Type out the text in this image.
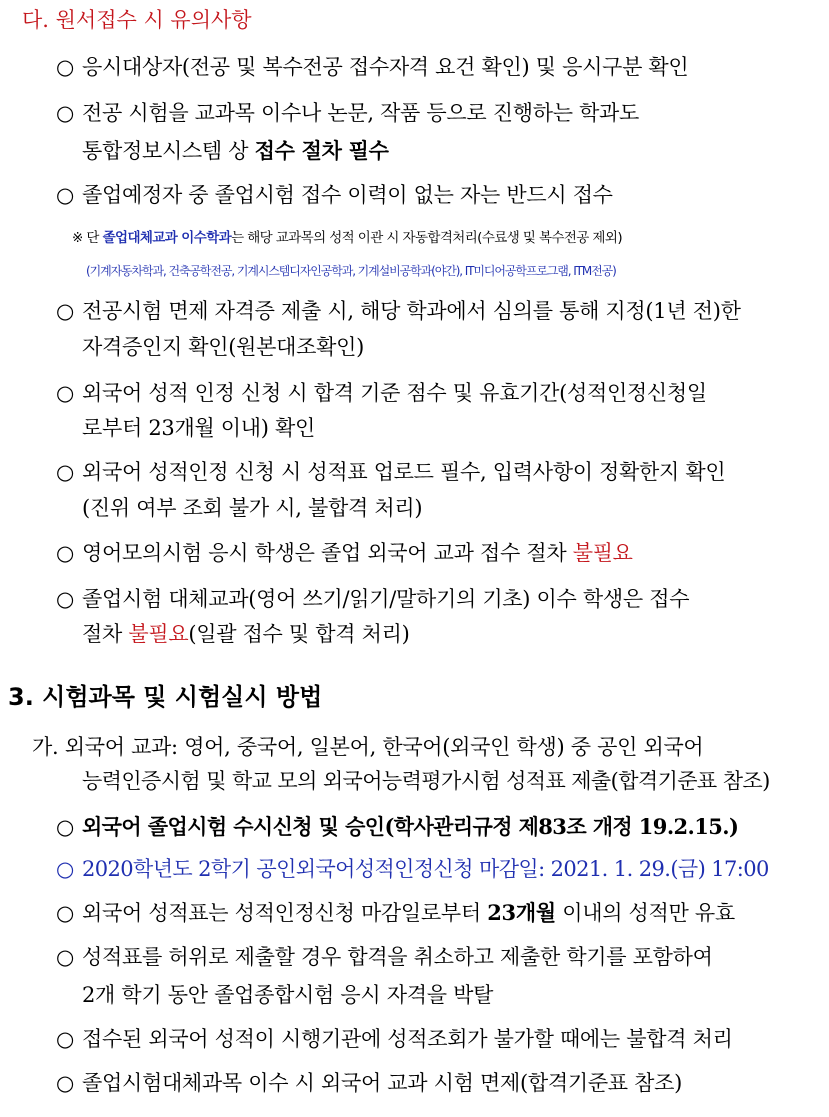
다. 원서접수 시 유의사항
○ 응시대상자(전공 및 복수전공 접수자격 요건 확인) 및 응시구분 확인
○ 전공 시험을 교과목 이수나 논문, 작품 등으로 진행하는 학과도
통합정보시스템 상 접수 절차 필수
○ 졸업예정자 중 졸업시험 접수 이력이 없는 자는 반드시 접수
※ 단 졸업대체교과 이수학과는 해당 교과목의 성적 이관 시 자동합격처리(수료생 및 복수전공 제외)
(기계자동차학과, 건축공학전공, 기계시스템디자인공학과, 기계설비공학과(야간), IT미디어공학프로그램, ITM전공)
○ 전공시험 면제 자격증 제출 시, 해당 학과에서 심의를 통해 지정(1년 전)한
자격증인지 확인(원본대조확인)
○ 외국어 성적 인정 신청 시 합격 기준 점수 및 유효기간(성적인정신청일
로부터 23개월 이내) 확인
○ 외국어 성적인정 신청 시 성적표 업로드 필수, 입력사항이 정확한지 확인
(진위 여부 조회 불가 시, 불합격 처리)
○ 영어모의시험 응시 학생은 졸업 외국어 교과 접수 절차 불필요
○ 졸업시험 대체교과(영어 쓰기/읽기/말하기의 기초) 이수 학생은 접수
절차 불필요(일괄 접수 및 합격 처리)
3. 시험과목 및 시험실시 방법
가. 외국어 교과: 영어, 중국어, 일본어, 한국어(외국인 학생) 중 공인 외국어
능력인증시험 및 학교 모의 외국어능력평가시험 성적표 제출(합격기준표 참조)
○ 외국어 졸업시험 수시신청 및 승인(학사관리규정 제83조 개정 19.2.15.)
○ 2020학년도 2학기 공인외국어성적인정신청 마감일: 2021. 1. 29.(금) 17:00
○ 외국어 성적표는 성적인정신청 마감일로부터 23개월 이내의 성적만 유효
○ 성적표를 허위로 제출할 경우 합격을 취소하고 제출한 학기를 포함하여
2개 학기 동안 졸업종합시험 응시 자격을 박탈
○ 접수된 외국어 성적이 시행기관에 성적조회가 불가할 때에는 불합격 처리
○ 졸업시험대체과목 이수 시 외국어 교과 시험 면제(합격기준표 참조)
